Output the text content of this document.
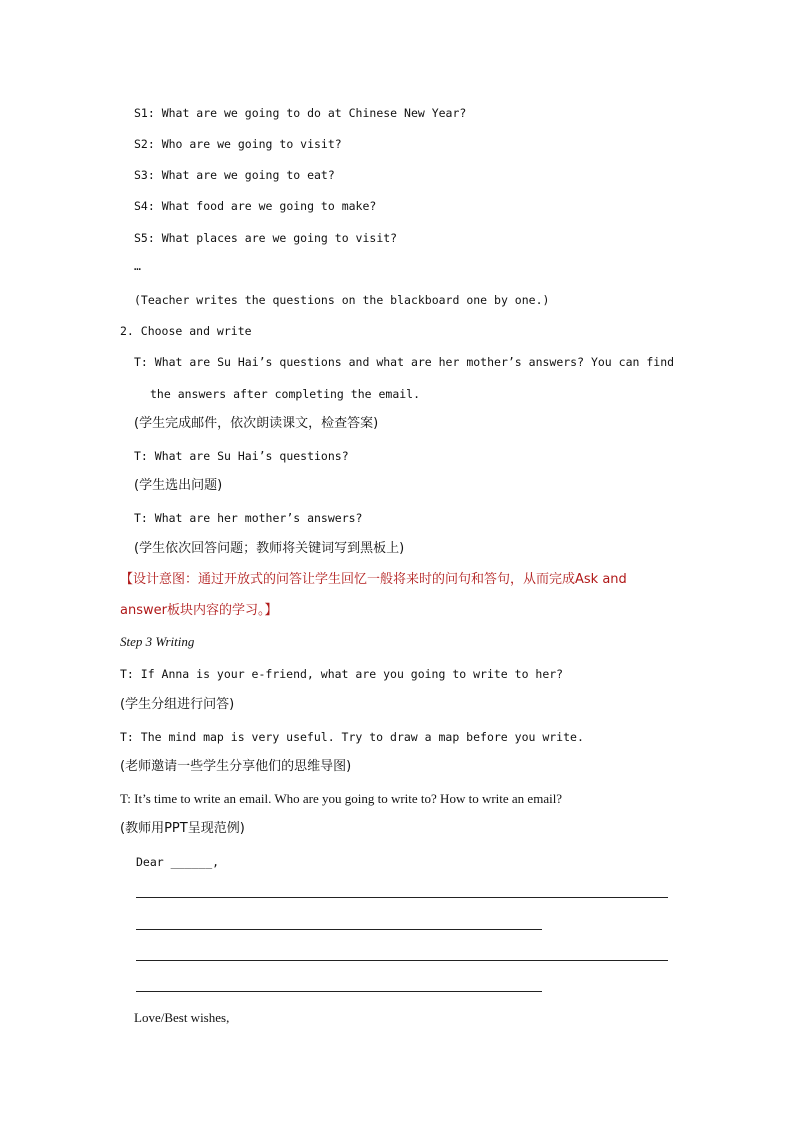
S1: What are we going to do at Chinese New Year?
S2: Who are we going to visit?
S3: What are we going to eat?
S4: What food are we going to make?
S5: What places are we going to visit?
…
(Teacher writes the questions on the blackboard one by one.)
2. Choose and write
T: What are Su Hai’s questions and what are her mother’s answers? You can find
the answers after completing the email.
(学生完成邮件，依次朗读课文，检查答案)
T: What are Su Hai’s questions?
(学生选出问题)
T: What are her mother’s answers?
(学生依次回答问题；教师将关键词写到黑板上)
【设计意图：通过开放式的问答让学生回忆一般将来时的问句和答句，从而完成Ask and
answer板块内容的学习。】
Step 3 Writing
T: If Anna is your e-friend, what are you going to write to her?
(学生分组进行问答)
T: The mind map is very useful. Try to draw a map before you write.
(老师邀请一些学生分享他们的思维导图)
T: It’s time to write an email. Who are you going to write to? How to write an email?
(教师用PPT呈现范例)
Dear ______,
Love/Best wishes,
